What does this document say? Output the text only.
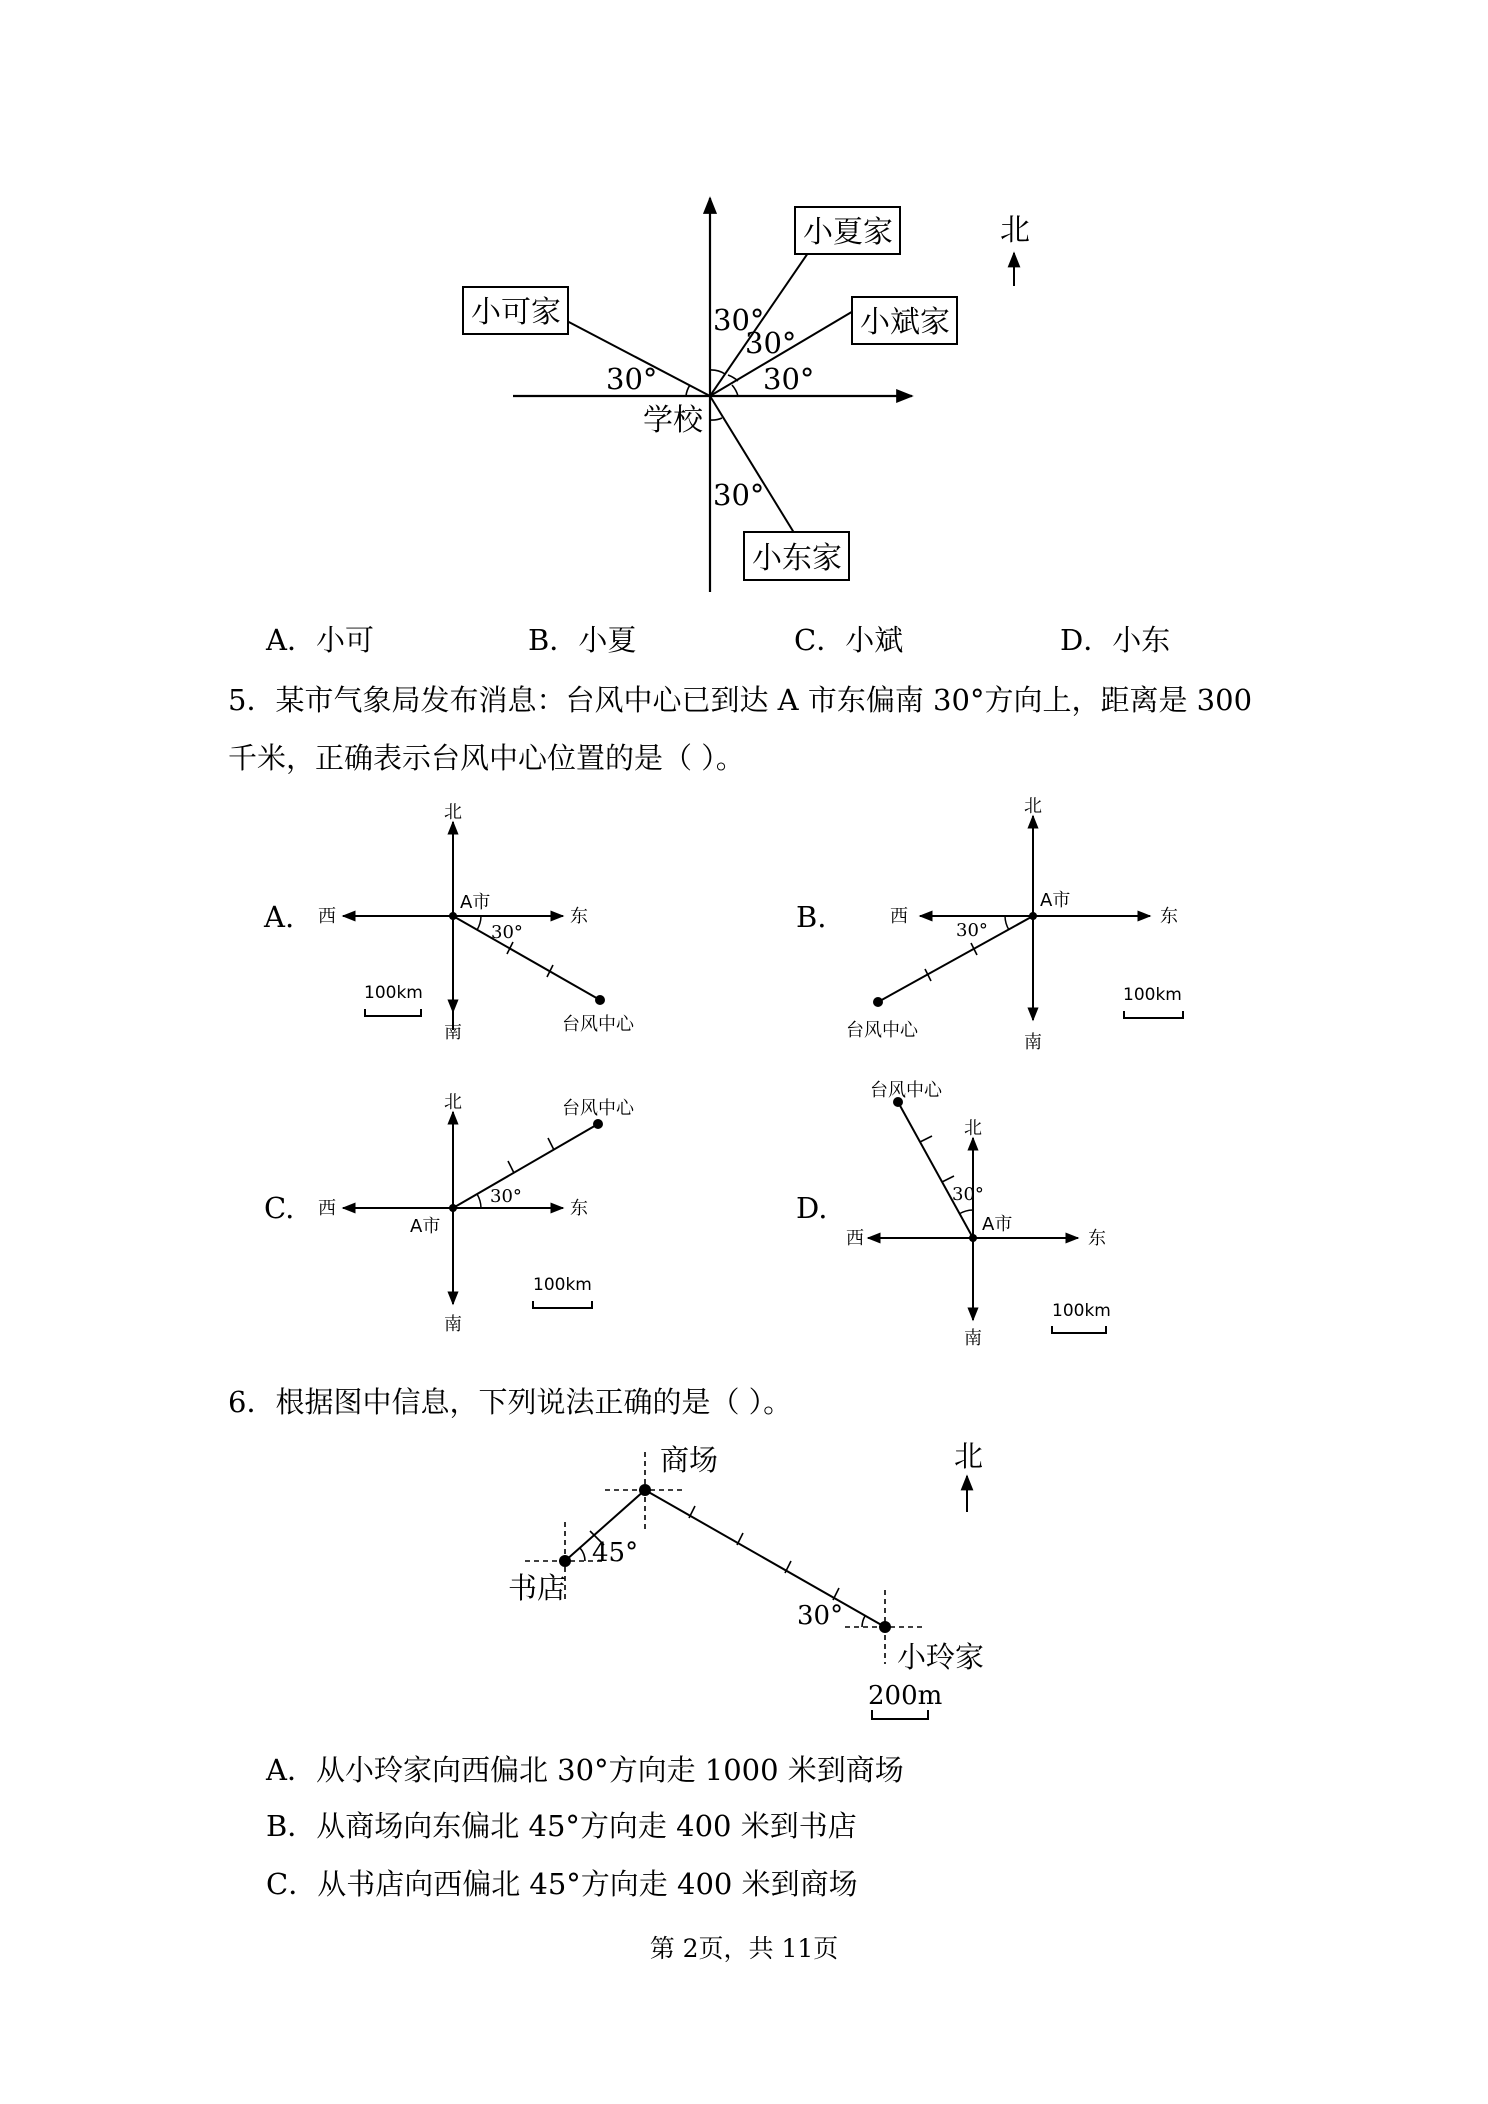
30°
30°
30°
30°
30°
学校
小夏家
小可家	小斌家
小东家
北
A．小可	B．小夏	C．小斌	D．小东
5．某市气象局发布消息：台风中心已到达 A 市东偏南 30°方向上，距离是 300
千米，正确表示台风中心位置的是（ ）。
A.
北
南
西	东
A市
30°
台风中心
100km
B.
北
南
西	东
A市
30°
台风中心
100km
C.
北
南
西	东
A市
30°
台风中心
100km
D.
北
南
西	东
A市
30°
台风中心
100km
6．根据图中信息，下列说法正确的是（ ）。
商场
书店
小玲家
45°
30°
200m
北
A．从小玲家向西偏北 30°方向走 1000 米到商场
B．从商场向东偏北 45°方向走 400 米到书店
C．从书店向西偏北 45°方向走 400 米到商场
第 2页，共 11页
